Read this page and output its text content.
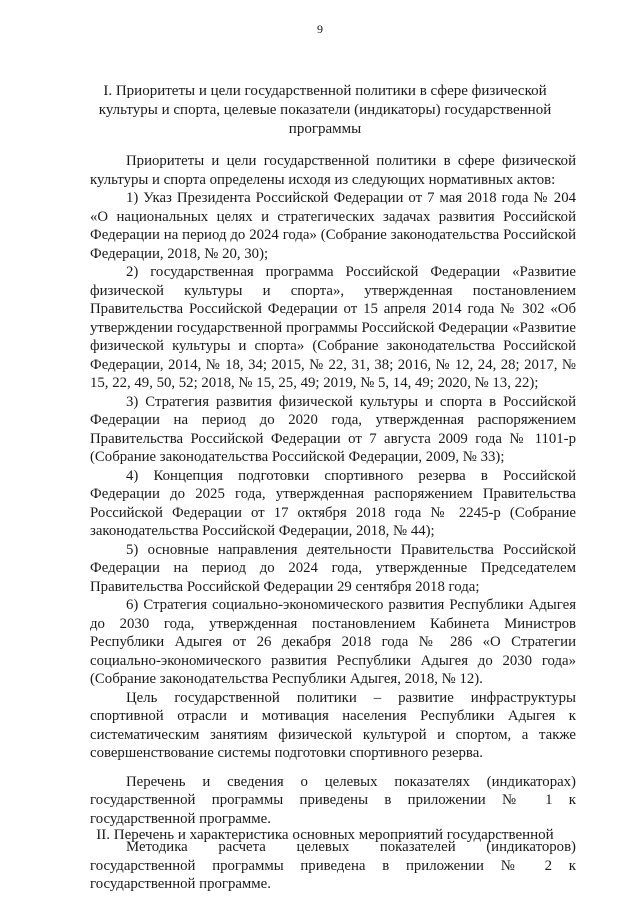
9
I. Приоритеты и цели государственной политики в сфере физической культуры и спорта, целевые показатели (индикаторы) государственной программы

Приоритеты и цели государственной политики в сфере физической культуры и спорта определены исходя из следующих нормативных актов:

1) Указ Президента Российской Федерации от 7 мая 2018 года № 204 «О национальных целях и стратегических задачах развития Российской Федерации на период до 2024 года» (Собрание законодательства Российской Федерации, 2018, № 20, 30);

2) государственная программа Российской Федерации «Развитие физической культуры и спорта», утвержденная постановлением Правительства Российской Федерации от 15 апреля 2014 года № 302 «Об утверждении государственной программы Российской Федерации «Развитие физической культуры и спорта» (Собрание законодательства Российской Федерации, 2014, № 18, 34; 2015, № 22, 31, 38; 2016, № 12, 24, 28; 2017, № 15, 22, 49, 50, 52; 2018, № 15, 25, 49; 2019, № 5, 14, 49; 2020, № 13, 22);

3) Стратегия развития физической культуры и спорта в Российской Федерации на период до 2020 года, утвержденная распоряжением Правительства Российской Федерации от 7 августа 2009 года № 1101-р (Собрание законодательства Российской Федерации, 2009, № 33);

4) Концепция подготовки спортивного резерва в Российской Федерации до 2025 года, утвержденная распоряжением Правительства Российской Федерации от 17 октября 2018 года № 2245-р (Собрание законодательства Российской Федерации, 2018, № 44);

5) основные направления деятельности Правительства Российской Федерации на период до 2024 года, утвержденные Председателем Правительства Российской Федерации 29 сентября 2018 года;

6) Стратегия социально-экономического развития Республики Адыгея до 2030 года, утвержденная постановлением Кабинета Министров Республики Адыгея от 26 декабря 2018 года № 286 «О Стратегии социально-экономического развития Республики Адыгея до 2030 года» (Собрание законодательства Республики Адыгея, 2018, № 12).

Цель государственной политики – развитие инфраструктуры спортивной отрасли и мотивация населения Республики Адыгея к систематическим занятиям физической культурой и спортом, а также совершенствование системы подготовки спортивного резерва.

Перечень и сведения о целевых показателях (индикаторах) государственной программы приведены в приложении № 1 к государственной программе.

Методика расчета целевых показателей (индикаторов) государственной программы приведена в приложении № 2 к государственной программе.

II. Перечень и характеристика основных мероприятий государственной
